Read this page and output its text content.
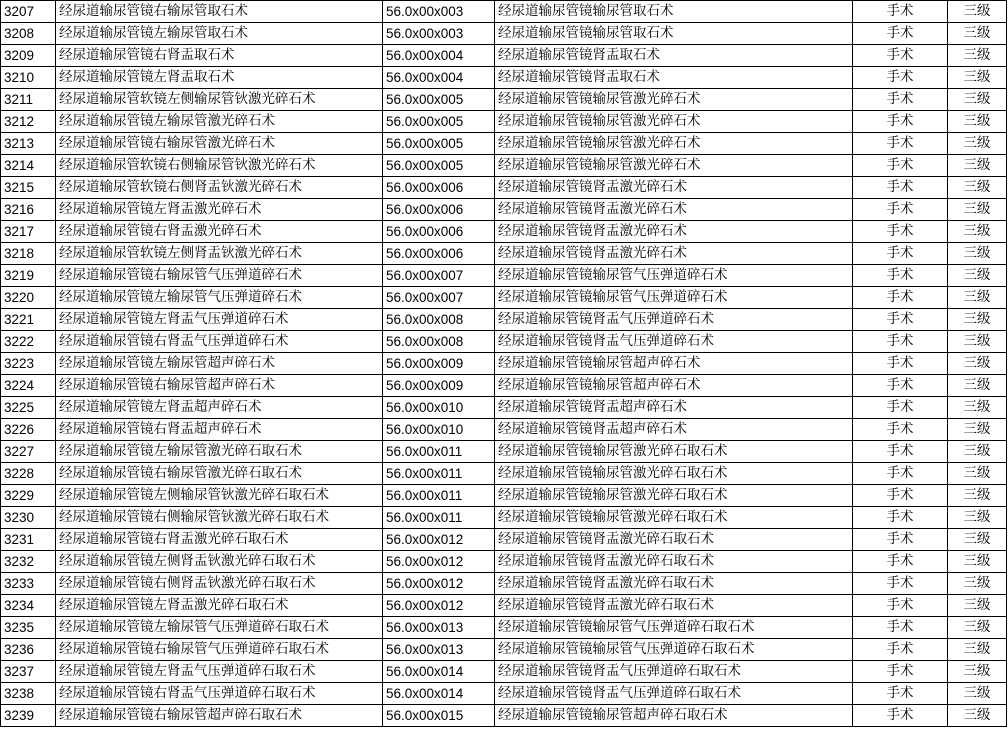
3207	经尿道输尿管镜右输尿管取石术	56.0x00x003	经尿道输尿管镜输尿管取石术	手术	三级
3208	经尿道输尿管镜左输尿管取石术	56.0x00x003	经尿道输尿管镜输尿管取石术	手术	三级
3209	经尿道输尿管镜右肾盂取石术	56.0x00x004	经尿道输尿管镜肾盂取石术	手术	三级
3210	经尿道输尿管镜左肾盂取石术	56.0x00x004	经尿道输尿管镜肾盂取石术	手术	三级
3211	经尿道输尿管软镜左侧输尿管钬激光碎石术	56.0x00x005	经尿道输尿管镜输尿管激光碎石术	手术	三级
3212	经尿道输尿管镜左输尿管激光碎石术	56.0x00x005	经尿道输尿管镜输尿管激光碎石术	手术	三级
3213	经尿道输尿管镜右输尿管激光碎石术	56.0x00x005	经尿道输尿管镜输尿管激光碎石术	手术	三级
3214	经尿道输尿管软镜右侧输尿管钬激光碎石术	56.0x00x005	经尿道输尿管镜输尿管激光碎石术	手术	三级
3215	经尿道输尿管软镜右侧肾盂钬激光碎石术	56.0x00x006	经尿道输尿管镜肾盂激光碎石术	手术	三级
3216	经尿道输尿管镜左肾盂激光碎石术	56.0x00x006	经尿道输尿管镜肾盂激光碎石术	手术	三级
3217	经尿道输尿管镜右肾盂激光碎石术	56.0x00x006	经尿道输尿管镜肾盂激光碎石术	手术	三级
3218	经尿道输尿管软镜左侧肾盂钬激光碎石术	56.0x00x006	经尿道输尿管镜肾盂激光碎石术	手术	三级
3219	经尿道输尿管镜右输尿管气压弹道碎石术	56.0x00x007	经尿道输尿管镜输尿管气压弹道碎石术	手术	三级
3220	经尿道输尿管镜左输尿管气压弹道碎石术	56.0x00x007	经尿道输尿管镜输尿管气压弹道碎石术	手术	三级
3221	经尿道输尿管镜左肾盂气压弹道碎石术	56.0x00x008	经尿道输尿管镜肾盂气压弹道碎石术	手术	三级
3222	经尿道输尿管镜右肾盂气压弹道碎石术	56.0x00x008	经尿道输尿管镜肾盂气压弹道碎石术	手术	三级
3223	经尿道输尿管镜左输尿管超声碎石术	56.0x00x009	经尿道输尿管镜输尿管超声碎石术	手术	三级
3224	经尿道输尿管镜右输尿管超声碎石术	56.0x00x009	经尿道输尿管镜输尿管超声碎石术	手术	三级
3225	经尿道输尿管镜左肾盂超声碎石术	56.0x00x010	经尿道输尿管镜肾盂超声碎石术	手术	三级
3226	经尿道输尿管镜右肾盂超声碎石术	56.0x00x010	经尿道输尿管镜肾盂超声碎石术	手术	三级
3227	经尿道输尿管镜左输尿管激光碎石取石术	56.0x00x011	经尿道输尿管镜输尿管激光碎石取石术	手术	三级
3228	经尿道输尿管镜右输尿管激光碎石取石术	56.0x00x011	经尿道输尿管镜输尿管激光碎石取石术	手术	三级
3229	经尿道输尿管镜左侧输尿管钬激光碎石取石术	56.0x00x011	经尿道输尿管镜输尿管激光碎石取石术	手术	三级
3230	经尿道输尿管镜右侧输尿管钬激光碎石取石术	56.0x00x011	经尿道输尿管镜输尿管激光碎石取石术	手术	三级
3231	经尿道输尿管镜右肾盂激光碎石取石术	56.0x00x012	经尿道输尿管镜肾盂激光碎石取石术	手术	三级
3232	经尿道输尿管镜左侧肾盂钬激光碎石取石术	56.0x00x012	经尿道输尿管镜肾盂激光碎石取石术	手术	三级
3233	经尿道输尿管镜右侧肾盂钬激光碎石取石术	56.0x00x012	经尿道输尿管镜肾盂激光碎石取石术	手术	三级
3234	经尿道输尿管镜左肾盂激光碎石取石术	56.0x00x012	经尿道输尿管镜肾盂激光碎石取石术	手术	三级
3235	经尿道输尿管镜左输尿管气压弹道碎石取石术	56.0x00x013	经尿道输尿管镜输尿管气压弹道碎石取石术	手术	三级
3236	经尿道输尿管镜右输尿管气压弹道碎石取石术	56.0x00x013	经尿道输尿管镜输尿管气压弹道碎石取石术	手术	三级
3237	经尿道输尿管镜左肾盂气压弹道碎石取石术	56.0x00x014	经尿道输尿管镜肾盂气压弹道碎石取石术	手术	三级
3238	经尿道输尿管镜右肾盂气压弹道碎石取石术	56.0x00x014	经尿道输尿管镜肾盂气压弹道碎石取石术	手术	三级
3239	经尿道输尿管镜右输尿管超声碎石取石术	56.0x00x015	经尿道输尿管镜输尿管超声碎石取石术	手术	三级
